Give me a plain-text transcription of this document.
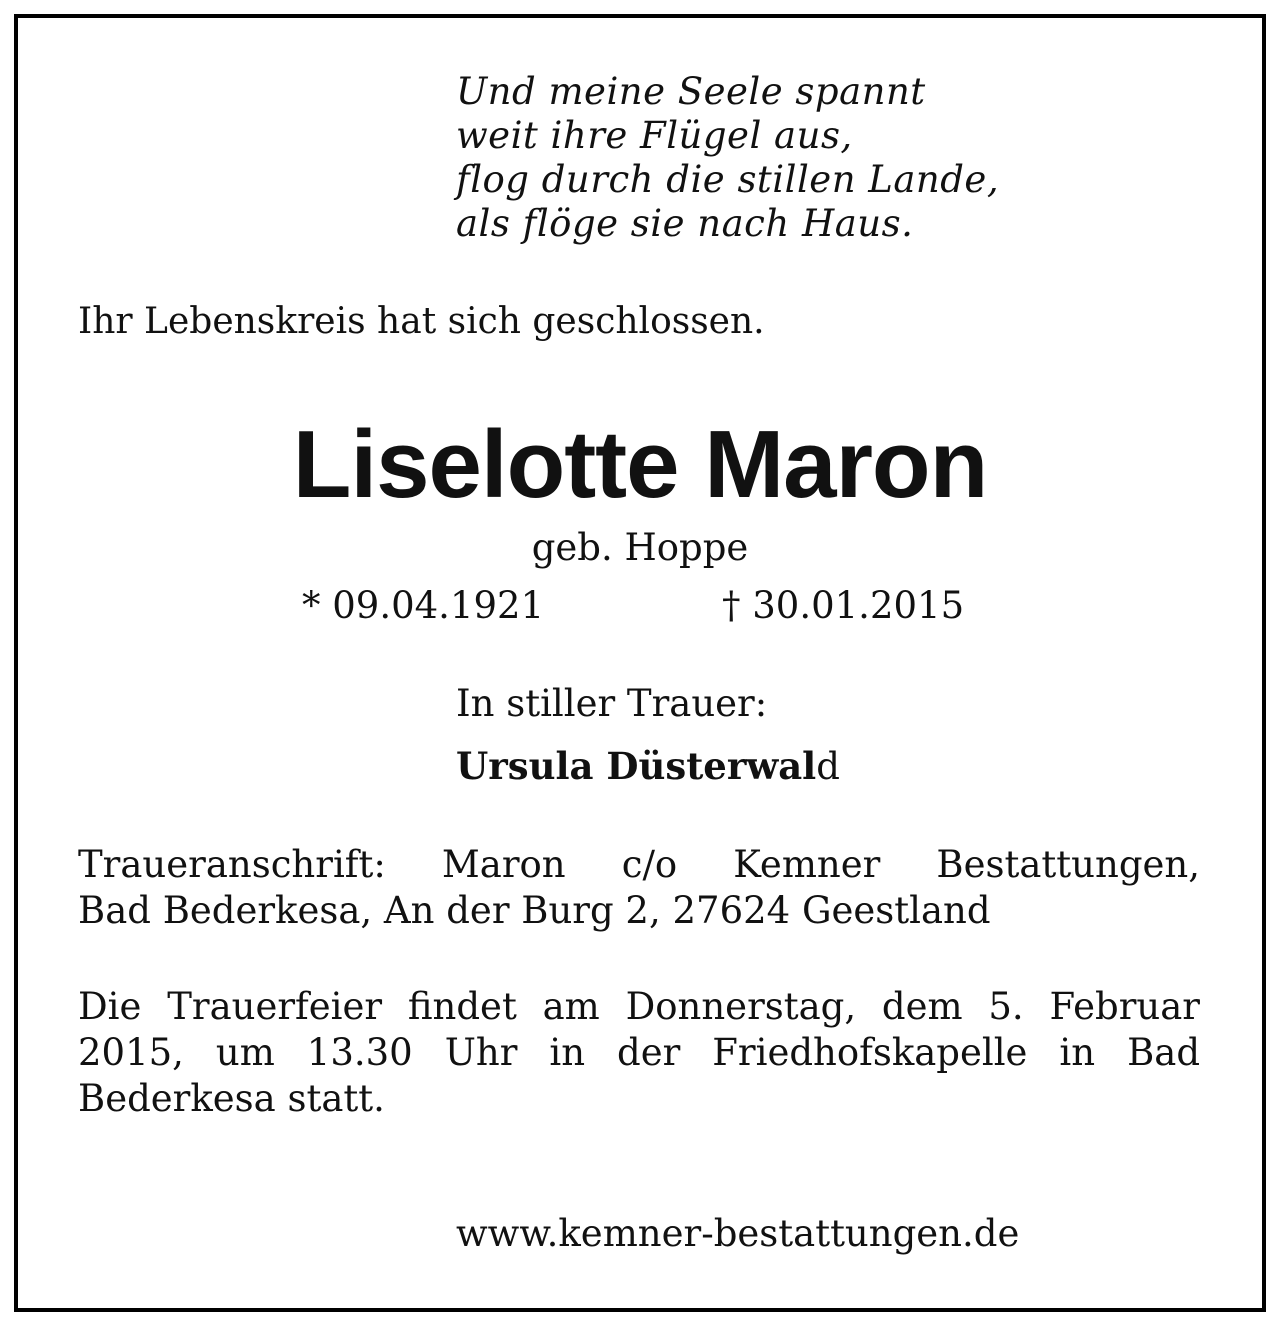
Und meine Seele spannt
weit ihre Flügel aus,
flog durch die stillen Lande,
als flöge sie nach Haus.
Ihr Lebenskreis hat sich geschlossen.
Liselotte Maron
geb. Hoppe
* 09.04.1921	† 30.01.2015
In stiller Trauer:
Ursula Düsterwald
Traueranschrift: Maron c/o Kemner Bestattungen,
Bad Bederkesa, An der Burg 2, 27624 Geestland
Die Trauerfeier findet am Donnerstag, dem 5. Februar
2015, um 13.30 Uhr in der Friedhofskapelle in Bad
Bederkesa statt.
www.kemner-bestattungen.de
